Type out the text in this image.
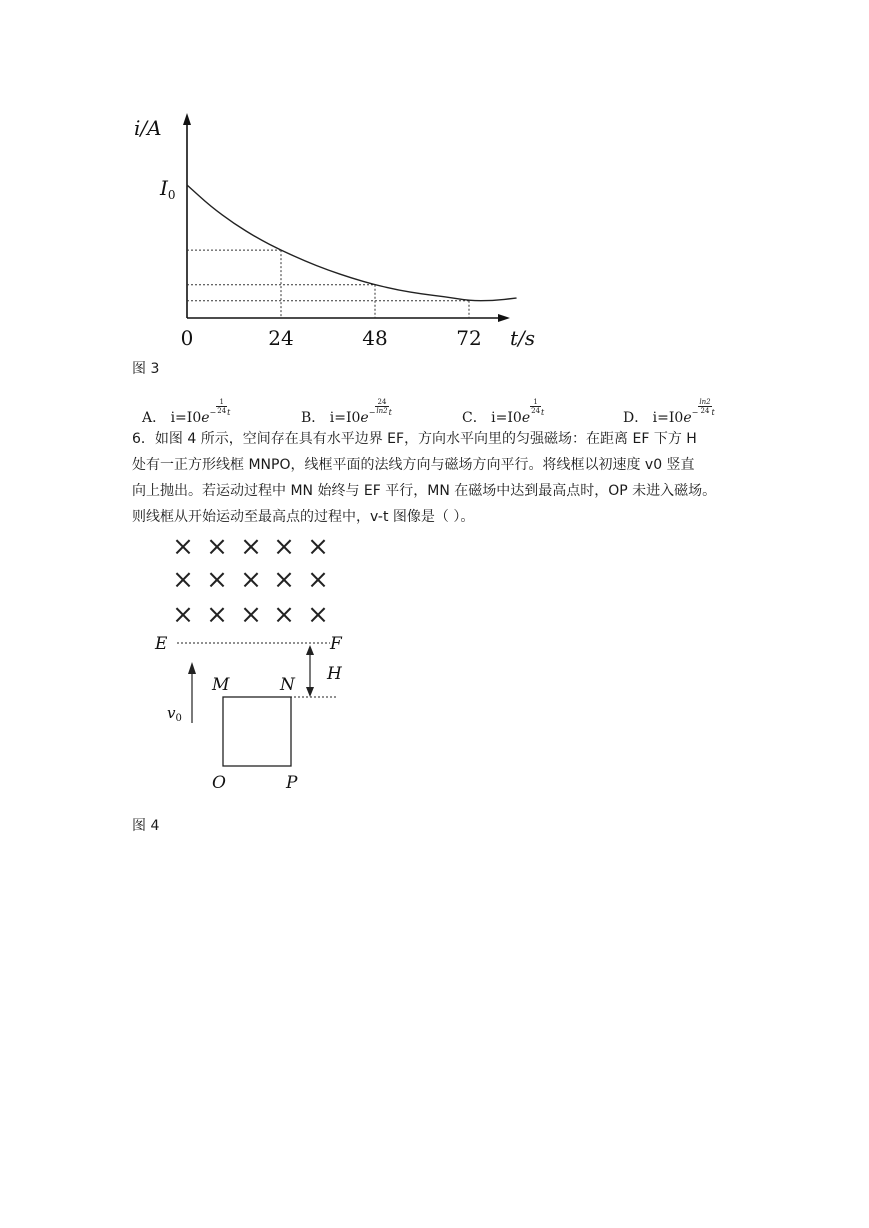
i/A
$I_0$
0	24	48	72 t/s
图 3
A． $i=I0e^{- \frac{1}{24} t}$	B． $i=I0e^{- \frac{24}{\ln 2} t}$	C． i=I0e
$^{\frac{1}{24} t}$	D． $i=I0e^{- \frac{\ln 2}{24} t}$
6．如图 4 所示，空间存在具有水平边界 EF，方向水平向里的匀强磁场：在距离 EF 下方 H
处有一正方形线框 MNPO，线框平面的法线方向与磁场方向平行。将线框以初速度 v0 竖直
向上抛出。若运动过程中 MN 始终与 EF 平行，MN 在磁场中达到最高点时，OP 未进入磁场。
则线框从开始运动至最高点的过程中，v-t 图像是（ ）。
× × × × ×
× × × × ×
× × × × ×
E	F
H
$v_0$
M	N
O	P
图 4
